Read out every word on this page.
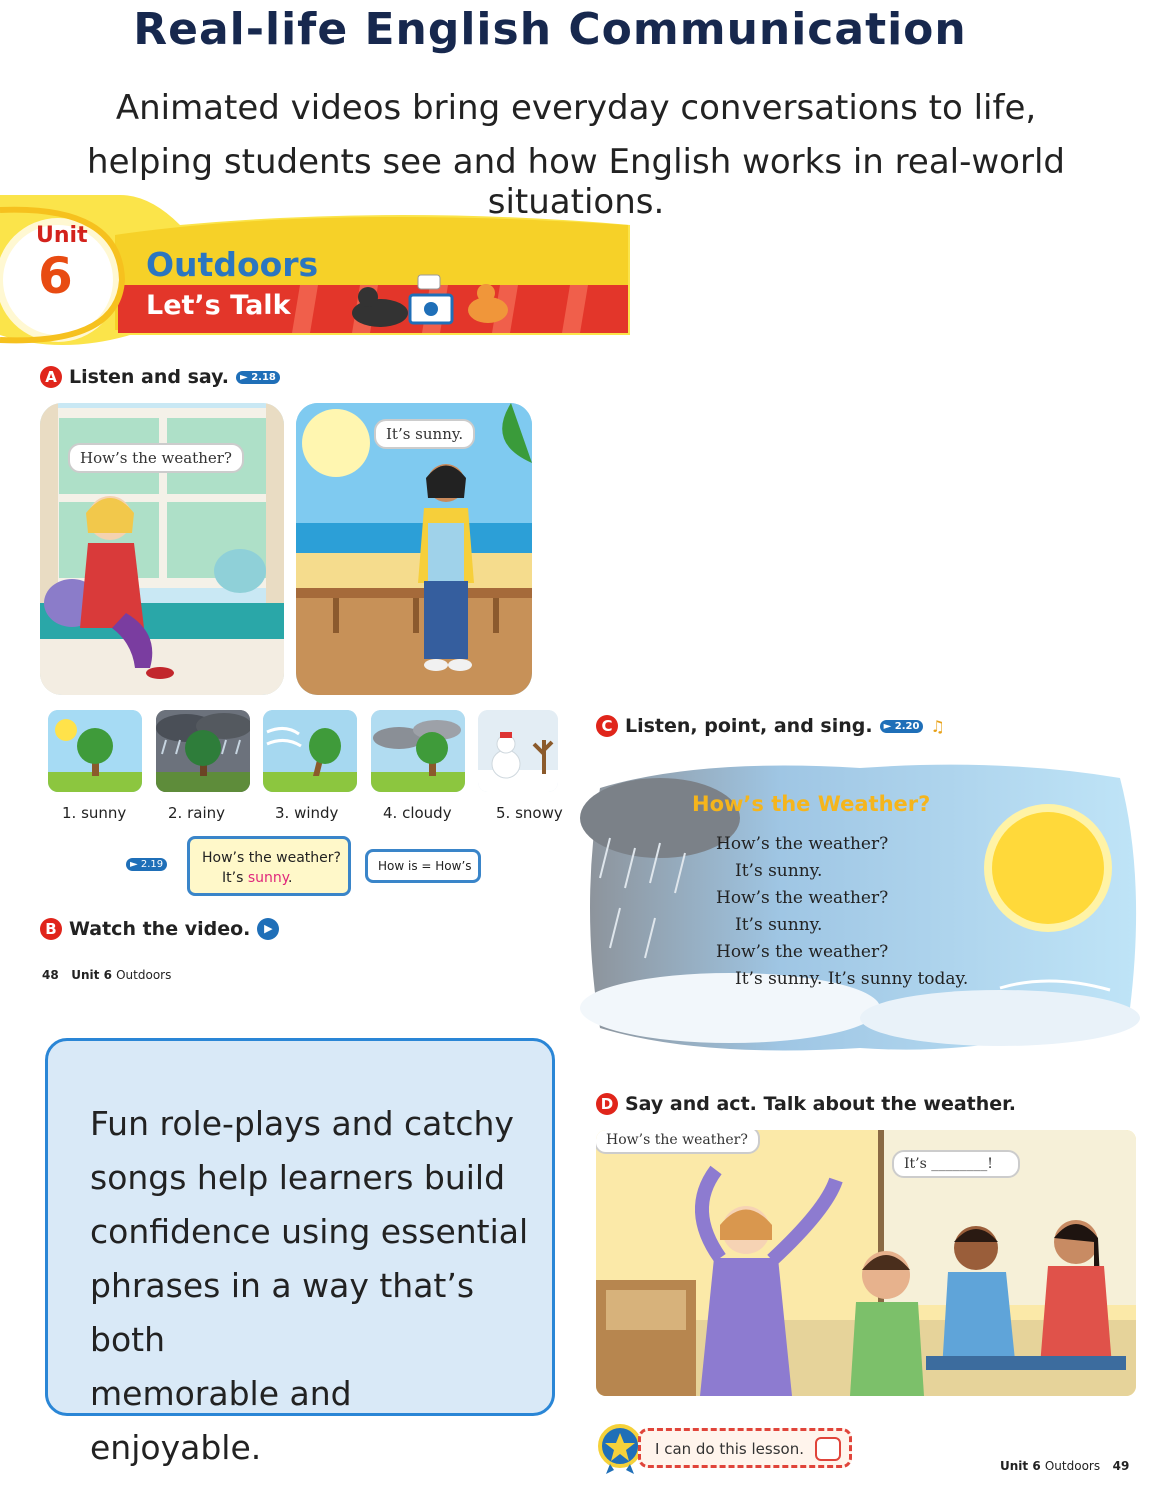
Real-life English Communication
Animated videos bring everyday conversations to life,
helping students see and how English works in real-world situations.
Unit
6 Outdoors
Let’s Talk
A Listen and say.	► 2.18
How’s the weather?
It’s sunny.
1. sunny	2. rainy	3. windy	4. cloudy	5. snowy
► 2.19	How’s the weather?
It’s sunny.
How is = How’s
B Watch the video.	▶
48 Unit 6 Outdoors
Fun role-plays and catchy
songs help learners build
confidence using essential
phrases in a way that’s both
memorable and enjoyable.
C Listen, point, and sing.	► 2.20 ♫
How’s the Weather?
How’s the weather?
It’s sunny.
How’s the weather?
It’s sunny.
How’s the weather?
It’s sunny. It’s sunny today.
D Say and act. Talk about the weather.
How’s the weather?
It’s ________!
I can do this lesson.
Unit 6 Outdoors 49
